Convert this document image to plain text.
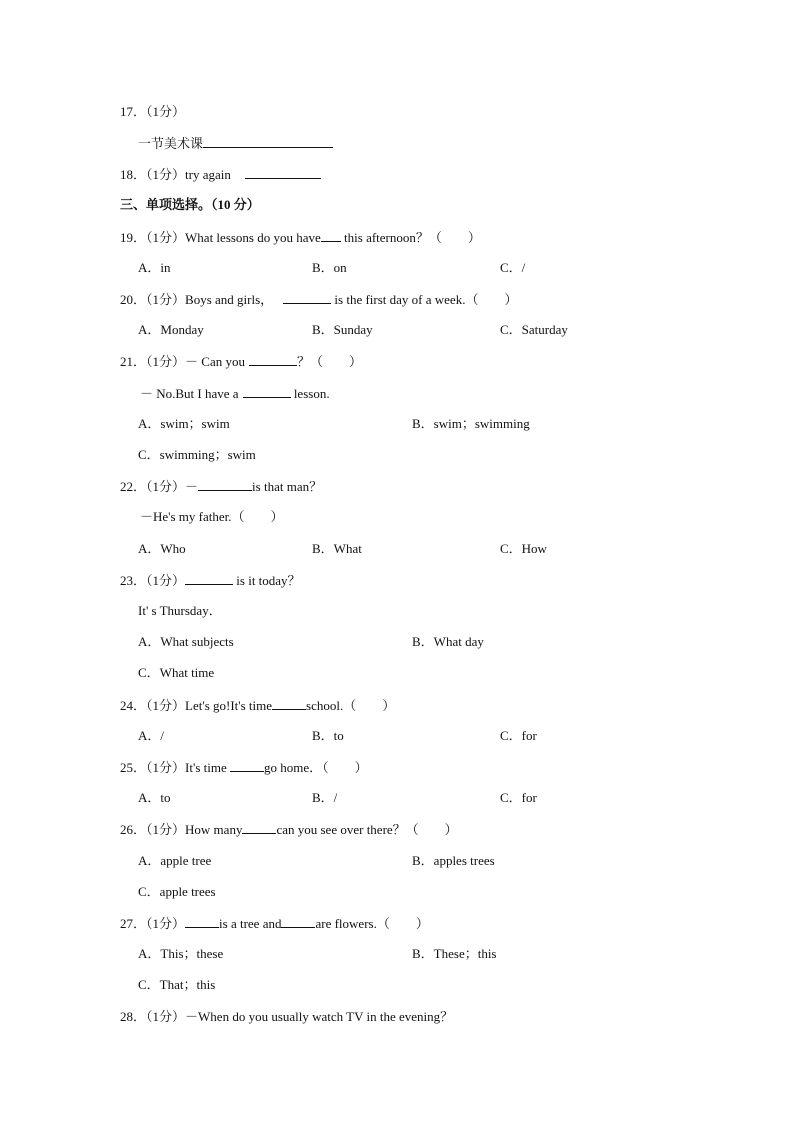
17．（1分）
一节美术课
18．（1分）try again
三、单项选择。（10 分）
19．（1分）What lessons do you have this afternoon？（　　）
A．in	B．on	C．/
20．（1分）Boys and girls，	is the first day of a week.（　　）
A．Monday	B．Sunday	C．Saturday
21．（1分）－ Can you	？（　　）
－ No.But I have a	lesson.
A．swim；swim	B．swim；swimming
C．swimming；swim
22．（1分）－	is that man？
－He's my father.（　　）
A．Who	B．What	C．How
23．（1分）	is it today？
It' s Thursday．
A．What subjects	B．What day
C．What time
24．（1分）Let's go!It's time	school.（　　）
A．/	B．to	C．for
25．（1分）It's time	go home．（　　）
A．to	B．/	C．for
26．（1分）How many	can you see over there？（　　）
A．apple tree	B．apples trees
C．apple trees
27．（1分）	is a tree and	are flowers.（　　）
A．This；these	B．These；this
C．That；this
28．（1分）－When do you usually watch TV in the evening？
